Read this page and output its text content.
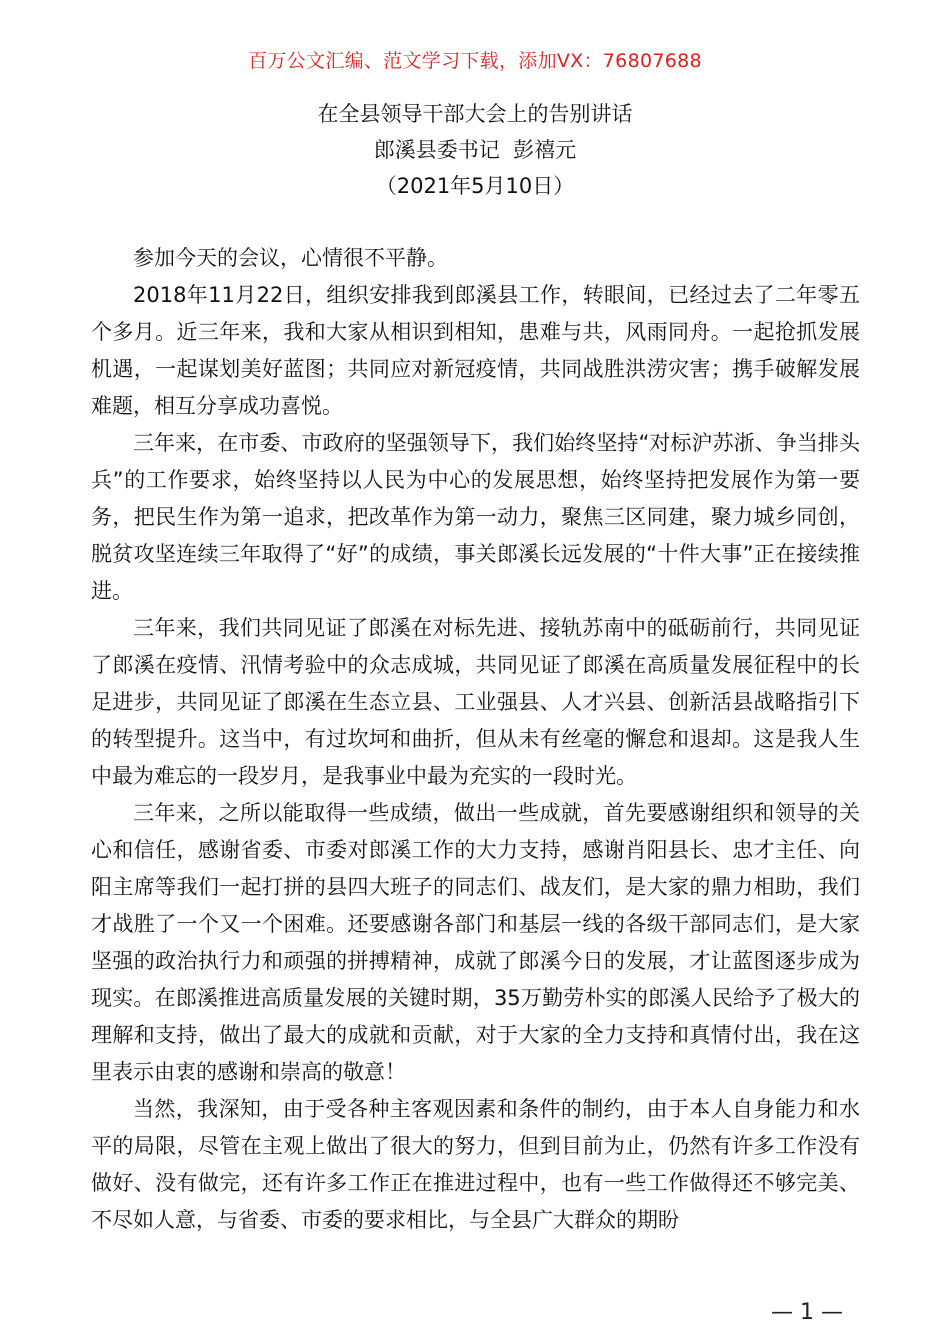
百万公文汇编、范文学习下载，添加VX：76807688
在全县领导干部大会上的告别讲话
郎溪县委书记  彭禧元
（2021年5月10日）

参加今天的会议，心情很不平静。

2018年11月22日，组织安排我到郎溪县工作，转眼间，已经过去了二年零五个多月。近三年来，我和大家从相识到相知，患难与共，风雨同舟。一起抢抓发展机遇，一起谋划美好蓝图；共同应对新冠疫情，共同战胜洪涝灾害；携手破解发展难题，相互分享成功喜悦。

三年来，在市委、市政府的坚强领导下，我们始终坚持“对标沪苏浙、争当排头兵”的工作要求，始终坚持以人民为中心的发展思想，始终坚持把发展作为第一要务，把民生作为第一追求，把改革作为第一动力，聚焦三区同建，聚力城乡同创，脱贫攻坚连续三年取得了“好”的成绩，事关郎溪长远发展的“十件大事”正在接续推进。

三年来，我们共同见证了郎溪在对标先进、接轨苏南中的砥砺前行，共同见证了郎溪在疫情、汛情考验中的众志成城，共同见证了郎溪在高质量发展征程中的长足进步，共同见证了郎溪在生态立县、工业强县、人才兴县、创新活县战略指引下的转型提升。这当中，有过坎坷和曲折，但从未有丝毫的懈怠和退却。这是我人生中最为难忘的一段岁月，是我事业中最为充实的一段时光。

三年来，之所以能取得一些成绩，做出一些成就，首先要感谢组织和领导的关心和信任，感谢省委、市委对郎溪工作的大力支持，感谢肖阳县长、忠才主任、向阳主席等我们一起打拼的县四大班子的同志们、战友们，是大家的鼎力相助，我们才战胜了一个又一个困难。还要感谢各部门和基层一线的各级干部同志们，是大家坚强的政治执行力和顽强的拼搏精神，成就了郎溪今日的发展，才让蓝图逐步成为现实。在郎溪推进高质量发展的关键时期，35万勤劳朴实的郎溪人民给予了极大的理解和支持，做出了最大的成就和贡献，对于大家的全力支持和真情付出，我在这里表示由衷的感谢和崇高的敬意！

当然，我深知，由于受各种主客观因素和条件的制约，由于本人自身能力和水平的局限，尽管在主观上做出了很大的努力，但到目前为止，仍然有许多工作没有做好、没有做完，还有许多工作正在推进过程中，也有一些工作做得还不够完美、不尽如人意，与省委、市委的要求相比，与全县广大群众的期盼

— 1 —
